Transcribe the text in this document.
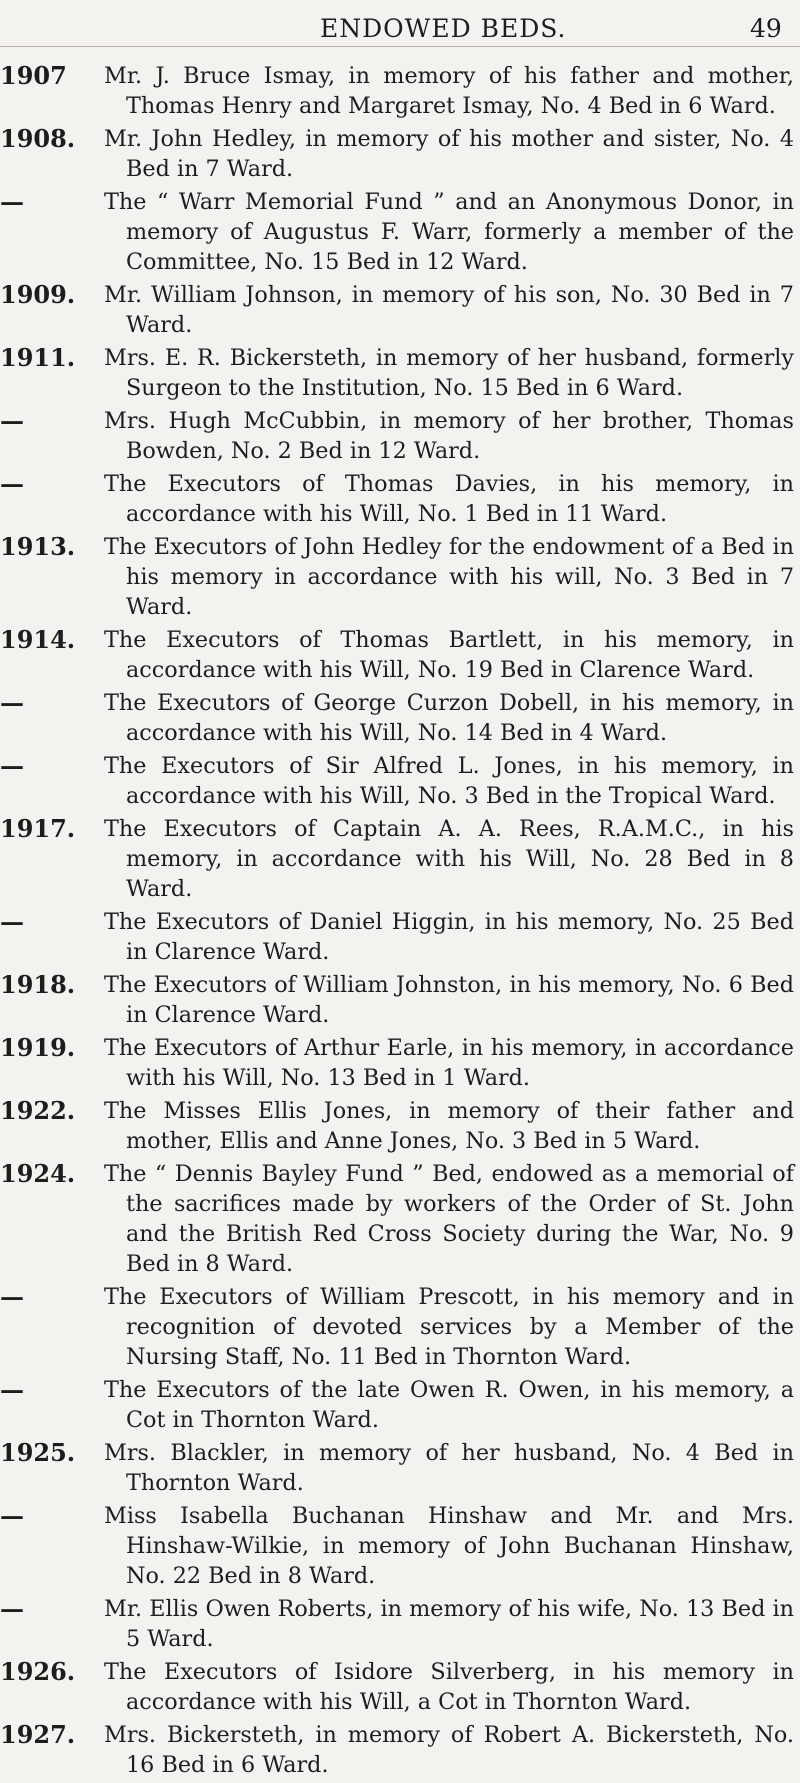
ENDOWED BEDS.	49
1907 Mr. J. Bruce Ismay, in memory of his father and mother, Thomas Henry and Margaret Ismay, No. 4 Bed in 6 Ward.
1908. Mr. John Hedley, in memory of his mother and sister, No. 4 Bed in 7 Ward.
—	The “ Warr Memorial Fund ” and an Anonymous Donor, in memory of Augustus F. Warr, formerly a member of the Committee, No. 15 Bed in 12 Ward.
1909. Mr. William Johnson, in memory of his son, No. 30 Bed in 7 Ward.
1911. Mrs. E. R. Bickersteth, in memory of her husband, formerly Surgeon to the Institution, No. 15 Bed in 6 Ward.
—	Mrs. Hugh McCubbin, in memory of her brother, Thomas Bowden, No. 2 Bed in 12 Ward.
—	The Executors of Thomas Davies, in his memory, in accordance with his Will, No. 1 Bed in 11 Ward.
1913. The Executors of John Hedley for the endowment of a Bed in his memory in accordance with his will, No. 3 Bed in 7 Ward.
1914. The Executors of Thomas Bartlett, in his memory, in accordance with his Will, No. 19 Bed in Clarence Ward.
—	The Executors of George Curzon Dobell, in his memory, in accordance with his Will, No. 14 Bed in 4 Ward.
—	The Executors of Sir Alfred L. Jones, in his memory, in accordance with his Will, No. 3 Bed in the Tropical Ward.
1917. The Executors of Captain A. A. Rees, R.A.M.C., in his memory, in accordance with his Will, No. 28 Bed in 8 Ward.
—	The Executors of Daniel Higgin, in his memory, No. 25 Bed in Clarence Ward.
1918. The Executors of William Johnston, in his memory, No. 6 Bed in Clarence Ward.
1919. The Executors of Arthur Earle, in his memory, in accordance with his Will, No. 13 Bed in 1 Ward.
1922. The Misses Ellis Jones, in memory of their father and mother, Ellis and Anne Jones, No. 3 Bed in 5 Ward.
1924. The “ Dennis Bayley Fund ” Bed, endowed as a memorial of the sacrifices made by workers of the Order of St. John and the British Red Cross Society during the War, No. 9 Bed in 8 Ward.
—	The Executors of William Prescott, in his memory and in recognition of devoted services by a Member of the Nursing Staff, No. 11 Bed in Thornton Ward.
—	The Executors of the late Owen R. Owen, in his memory, a Cot in Thornton Ward.
1925. Mrs. Blackler, in memory of her husband, No. 4 Bed in Thornton Ward.
—	Miss Isabella Buchanan Hinshaw and Mr. and Mrs. Hinshaw-Wilkie, in memory of John Buchanan Hinshaw, No. 22 Bed in 8 Ward.
—	Mr. Ellis Owen Roberts, in memory of his wife, No. 13 Bed in 5 Ward.
1926. The Executors of Isidore Silverberg, in his memory in accordance with his Will, a Cot in Thornton Ward.
1927. Mrs. Bickersteth, in memory of Robert A. Bickersteth, No. 16 Bed in 6 Ward.
